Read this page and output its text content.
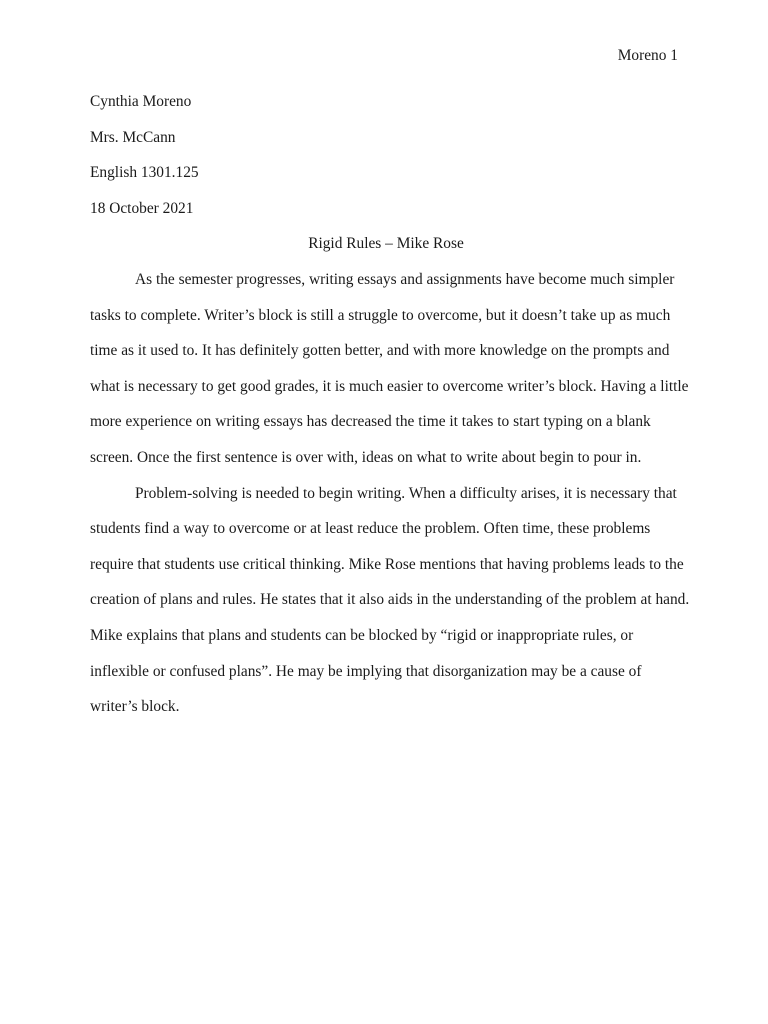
Moreno 1

Cynthia Moreno

Mrs. McCann

English 1301.125

18 October 2021

Rigid Rules – Mike Rose

As the semester progresses, writing essays and assignments have become much simpler
tasks to complete. Writer’s block is still a struggle to overcome, but it doesn’t take up as much
time as it used to. It has definitely gotten better, and with more knowledge on the prompts and
what is necessary to get good grades, it is much easier to overcome writer’s block. Having a little
more experience on writing essays has decreased the time it takes to start typing on a blank
screen. Once the first sentence is over with, ideas on what to write about begin to pour in.

Problem-solving is needed to begin writing. When a difficulty arises, it is necessary that
students find a way to overcome or at least reduce the problem. Often time, these problems
require that students use critical thinking. Mike Rose mentions that having problems leads to the
creation of plans and rules. He states that it also aids in the understanding of the problem at hand.
Mike explains that plans and students can be blocked by “rigid or inappropriate rules, or
inflexible or confused plans”. He may be implying that disorganization may be a cause of
writer’s block.
